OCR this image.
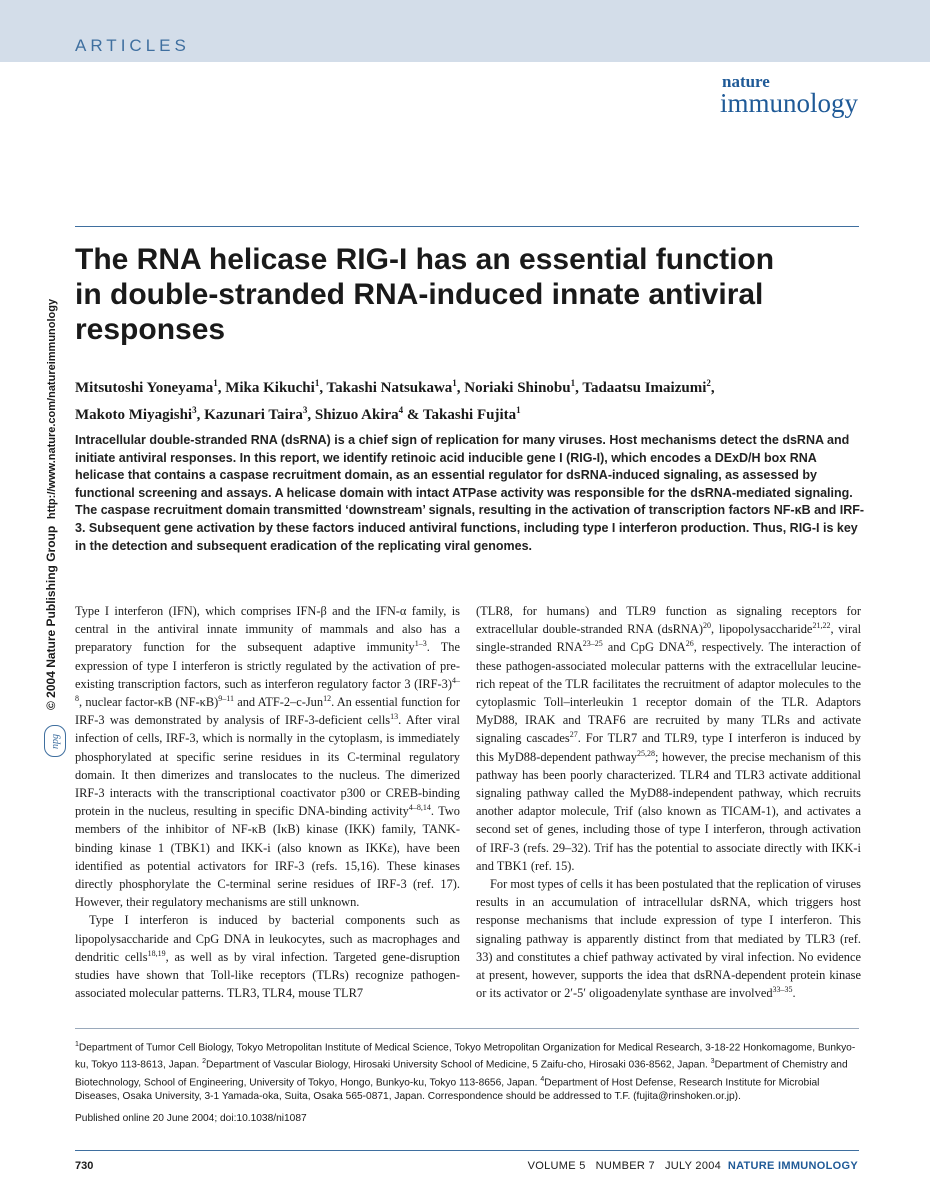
ARTICLES
nature
immunology
© 2004 Nature Publishing Group  http://www.nature.com/natureimmunology
npg
The RNA helicase RIG-I has an essential function in double-stranded RNA-induced innate antiviral responses
Mitsutoshi Yoneyama$^1$, Mika Kikuchi$^1$, Takashi Natsukawa$^1$, Noriaki Shinobu$^1$, Tadaatsu Imaizumi$^2$,
Makoto Miyagishi$^3$, Kazunari Taira$^3$, Shizuo Akira$^4$ & Takashi Fujita$^1$
Intracellular double-stranded RNA (dsRNA) is a chief sign of replication for many viruses. Host mechanisms detect the dsRNA and initiate antiviral responses. In this report, we identify retinoic acid inducible gene I (RIG-I), which encodes a DExD/H box RNA helicase that contains a caspase recruitment domain, as an essential regulator for dsRNA-induced signaling, as assessed by functional screening and assays. A helicase domain with intact ATPase activity was responsible for the dsRNA-mediated signaling. The caspase recruitment domain transmitted ‘downstream’ signals, resulting in the activation of transcription factors NF-κB and IRF-3. Subsequent gene activation by these factors induced antiviral functions, including type I interferon production. Thus, RIG-I is key in the detection and subsequent eradication of the replicating viral genomes.

Type I interferon (IFN), which comprises IFN-β and the IFN-α family, is central in the antiviral innate immunity of mammals and also has a preparatory function for the subsequent adaptive immunity$^{1-3}$. The expression of type I interferon is strictly regulated by the activation of pre-existing transcription factors, such as interferon regulatory factor 3 $(IRF-3)^{4-8}$, nuclear factor-κB $(NF-\kappa B)^{9-11}$ and ATF-2–c-Jun$^{12}$. An essential function for IRF-3 was demonstrated by analysis of IRF-3-deficient cells$^{13}$. After viral infection of cells, IRF-3, which is normally in the cytoplasm, is immediately phosphorylated at specific serine residues in its C-terminal regulatory domain. It then dimerizes and translocates to the nucleus. The dimerized IRF-3 interacts with the transcriptional coactivator p300 or CREB-binding protein in the nucleus, resulting in specific DNA-binding activity$^{4-8,14}$. Two members of the inhibitor of NF-κB (IκB) kinase (IKK) family, TANK-binding kinase 1 (TBK1) and IKK-i (also known as IKKε), have been identified as potential activators for IRF-3 (refs. 15,16). These kinases directly phosphorylate the C-terminal serine residues of IRF-3 (ref. 17). However, their regulatory mechanisms are still unknown.

Type I interferon is induced by bacterial components such as lipopolysaccharide and CpG DNA in leukocytes, such as macrophages and dendritic cells$^{18,19}$, as well as by viral infection. Targeted gene-disruption studies have shown that Toll-like receptors (TLRs) recognize pathogen-associated molecular patterns. TLR3, TLR4, mouse TLR7

(TLR8, for humans) and TLR9 function as signaling receptors for extracellular double-stranded RNA (dsRNA)$^{20}$, lipopolysaccharide$^{21,22}$, viral single-stranded RNA$^{23-25}$ and CpG DNA$^{26}$, respectively. The interaction of these pathogen-associated molecular patterns with the extracellular leucine-rich repeat of the TLR facilitates the recruitment of adaptor molecules to the cytoplasmic Toll–interleukin 1 receptor domain of the TLR. Adaptors MyD88, IRAK and TRAF6 are recruited by many TLRs and activate signaling cascades$^{27}$. For TLR7 and TLR9, type I interferon is induced by this MyD88-dependent pathway$^{25,28}$; however, the precise mechanism of this pathway has been poorly characterized. TLR4 and TLR3 activate additional signaling pathway called the MyD88-independent pathway, which recruits another adaptor molecule, Trif (also known as TICAM-1), and activates a second set of genes, including those of type I interferon, through activation of IRF-3 (refs. 29–32). Trif has the potential to associate directly with IKK-i and TBK1 (ref. 15).

For most types of cells it has been postulated that the replication of viruses results in an accumulation of intracellular dsRNA, which triggers host response mechanisms that include expression of type I interferon. This signaling pathway is apparently distinct from that mediated by TLR3 (ref. 33) and constitutes a chief pathway activated by viral infection. No evidence at present, however, supports the idea that dsRNA-dependent protein kinase or its activator or 2′-5′ oligoadenylate synthase are involved$^{33-35}$.

$^1$Department of Tumor Cell Biology, Tokyo Metropolitan Institute of Medical Science, Tokyo Metropolitan Organization for Medical Research, 3-18-22 Honkomagome, Bunkyo-ku, Tokyo 113-8613, Japan. $^2$Department of Vascular Biology, Hirosaki University School of Medicine, 5 Zaifu-cho, Hirosaki 036-8562, Japan. $^3$Department of Chemistry and Biotechnology, School of Engineering, University of Tokyo, Hongo, Bunkyo-ku, Tokyo 113-8656, Japan. $^4$Department of Host Defense, Research Institute for Microbial Diseases, Osaka University, 3-1 Yamada-oka, Suita, Osaka 565-0871, Japan. Correspondence should be addressed to T.F. (fujita@rinshoken.or.jp).
Published online 20 June 2004; doi:10.1038/ni1087
730	VOLUME 5   NUMBER 7   JULY 2004 NATURE IMMUNOLOGY
